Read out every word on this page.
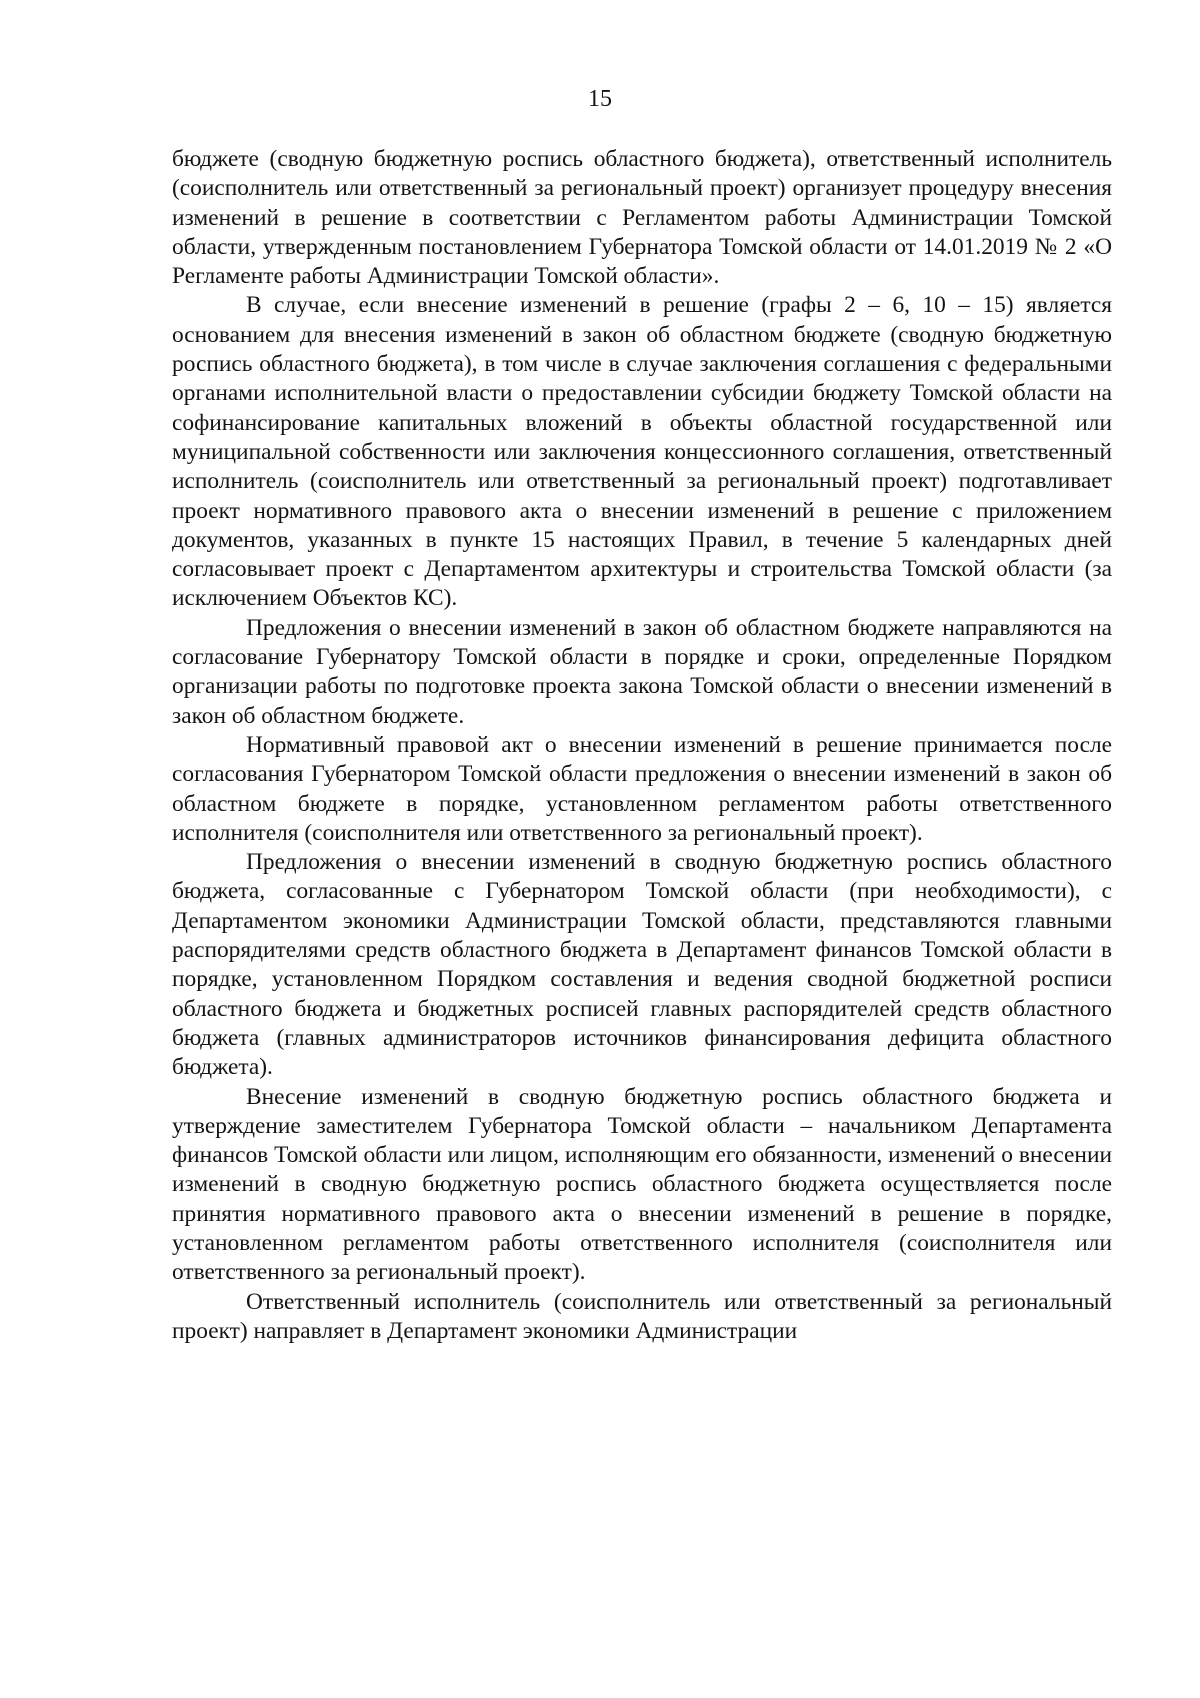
15

бюджете (сводную бюджетную роспись областного бюджета), ответственный исполнитель (соисполнитель или ответственный за региональный проект) организует процедуру внесения изменений в решение в соответствии с Регламентом работы Администрации Томской области, утвержденным постановлением Губернатора Томской области от 14.01.2019 № 2 «О Регламенте работы Администрации Томской области».

В случае, если внесение изменений в решение (графы 2 – 6, 10 – 15) является основанием для внесения изменений в закон об областном бюджете (сводную бюджетную роспись областного бюджета), в том числе в случае заключения соглашения с федеральными органами исполнительной власти о предоставлении субсидии бюджету Томской области на софинансирование капитальных вложений в объекты областной государственной или муниципальной собственности или заключения концессионного соглашения, ответственный исполнитель (соисполнитель или ответственный за региональный проект) подготавливает проект нормативного правового акта о внесении изменений в решение с приложением документов, указанных в пункте 15 настоящих Правил, в течение 5 календарных дней согласовывает проект с Департаментом архитектуры и строительства Томской области (за исключением Объектов КС).

Предложения о внесении изменений в закон об областном бюджете направляются на согласование Губернатору Томской области в порядке и сроки, определенные Порядком организации работы по подготовке проекта закона Томской области о внесении изменений в закон об областном бюджете.

Нормативный правовой акт о внесении изменений в решение принимается после согласования Губернатором Томской области предложения о внесении изменений в закон об областном бюджете в порядке, установленном регламентом работы ответственного исполнителя (соисполнителя или ответственного за региональный проект).

Предложения о внесении изменений в сводную бюджетную роспись областного бюджета, согласованные с Губернатором Томской области (при необходимости), с Департаментом экономики Администрации Томской области, представляются главными распорядителями средств областного бюджета в Департамент финансов Томской области в порядке, установленном Порядком составления и ведения сводной бюджетной росписи областного бюджета и бюджетных росписей главных распорядителей средств областного бюджета (главных администраторов источников финансирования дефицита областного бюджета).

Внесение изменений в сводную бюджетную роспись областного бюджета и утверждение заместителем Губернатора Томской области – начальником Департамента финансов Томской области или лицом, исполняющим его обязанности, изменений о внесении изменений в сводную бюджетную роспись областного бюджета осуществляется после принятия нормативного правового акта о внесении изменений в решение в порядке, установленном регламентом работы ответственного исполнителя (соисполнителя или ответственного за региональный проект).

Ответственный исполнитель (соисполнитель или ответственный за региональный проект) направляет в Департамент экономики Администрации
